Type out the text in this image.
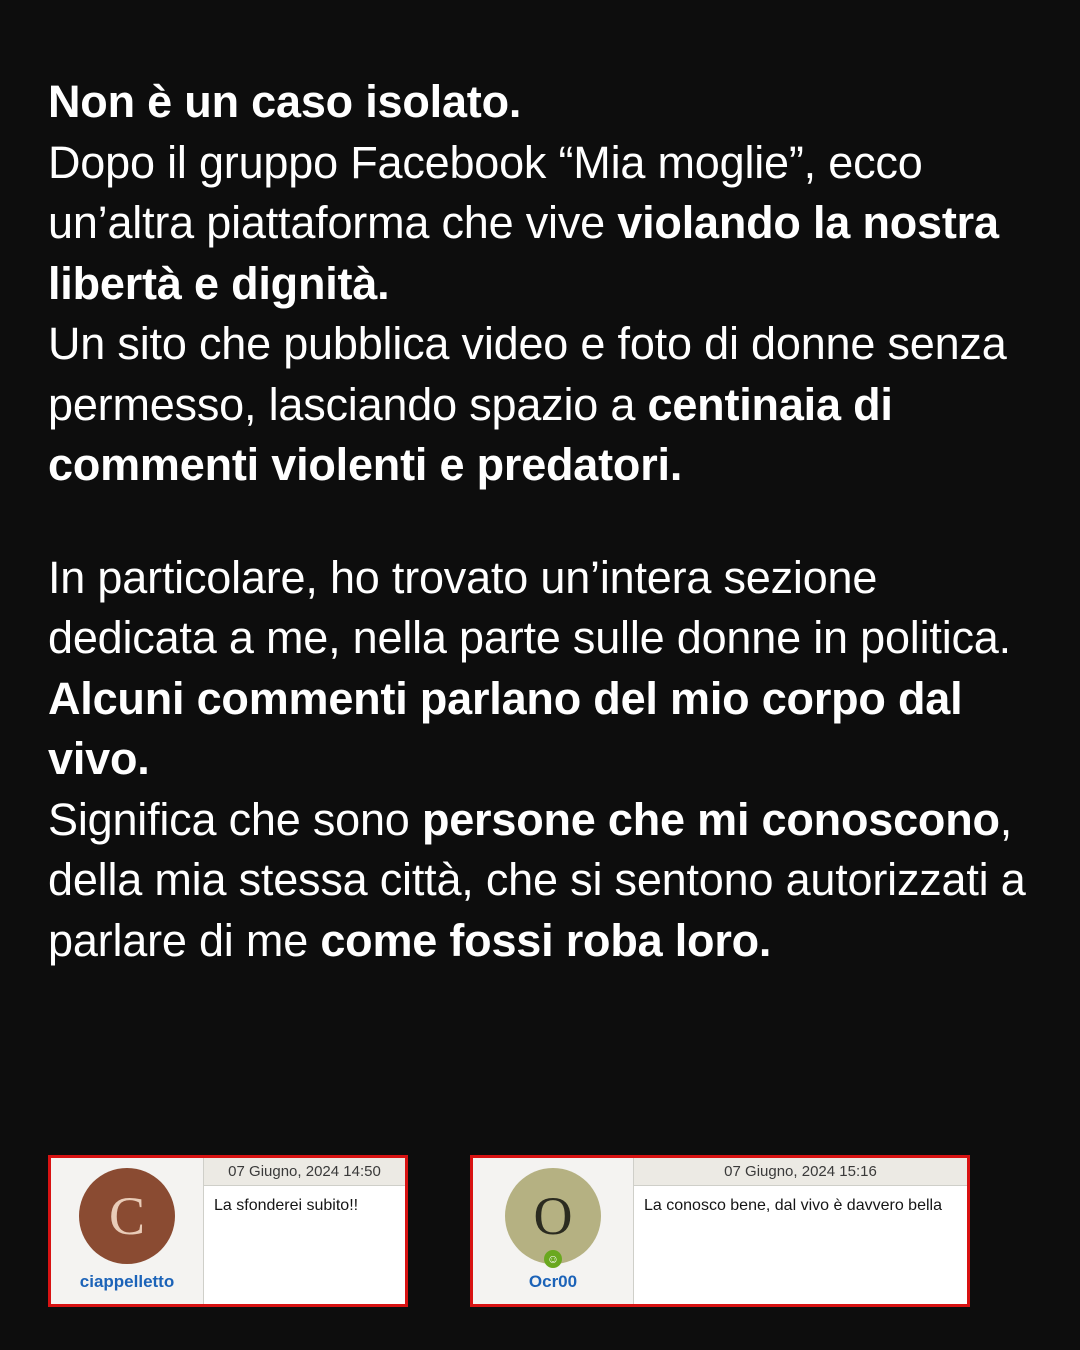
Non è un caso isolato.
Dopo il gruppo Facebook “Mia moglie”, ecco un’altra piattaforma che vive violando la nostra libertà e dignità.
Un sito che pubblica video e foto di donne senza permesso, lasciando spazio a centinaia di commenti violenti e predatori.

In particolare, ho trovato un’intera sezione dedicata a me, nella parte sulle donne in politica.
Alcuni commenti parlano del mio corpo dal vivo.
Significa che sono persone che mi conoscono, della mia stessa città, che si sentono autorizzati a parlare di me come fossi roba loro.

C
ciappelletto
07 Giugno, 2024 14:50
La sfonderei subito!!	O
☺
Ocr00
07 Giugno, 2024 15:16
La conosco bene, dal vivo è davvero bella
